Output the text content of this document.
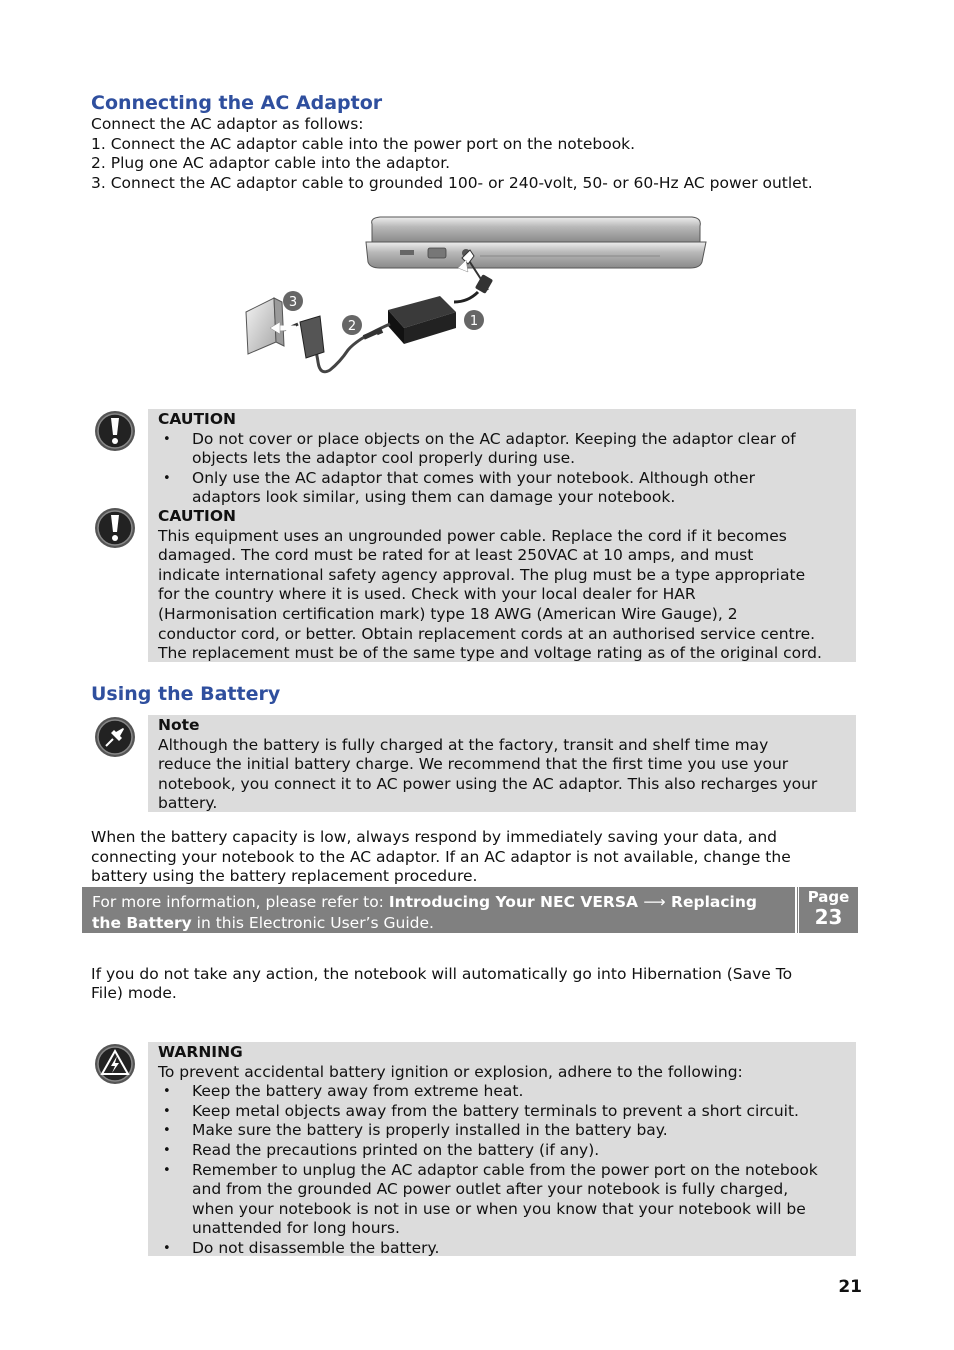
Connecting the AC Adaptor
Connect the AC adaptor as follows:
1. Connect the AC adaptor cable into the power port on the notebook.
2. Plug one AC adaptor cable into the adaptor.
3. Connect the AC adaptor cable to grounded 100- or 240-volt, 50- or 60-Hz AC power outlet.
3
2	1
CAUTION
• Do not cover or place objects on the AC adaptor. Keeping the adaptor clear of
objects lets the adaptor cool properly during use.
• Only use the AC adaptor that comes with your notebook. Although other
adaptors look similar, using them can damage your notebook.
CAUTION
This equipment uses an ungrounded power cable. Replace the cord if it becomes
damaged. The cord must be rated for at least 250VAC at 10 amps, and must
indicate international safety agency approval. The plug must be a type appropriate
for the country where it is used. Check with your local dealer for HAR
(Harmonisation certification mark) type 18 AWG (American Wire Gauge), 2
conductor cord, or better. Obtain replacement cords at an authorised service centre.
The replacement must be of the same type and voltage rating as of the original cord.
Using the Battery
Note
Although the battery is fully charged at the factory, transit and shelf time may
reduce the initial battery charge. We recommend that the first time you use your
notebook, you connect it to AC power using the AC adaptor. This also recharges your
battery.
When the battery capacity is low, always respond by immediately saving your data, and
connecting your notebook to the AC adaptor. If an AC adaptor is not available, change the
battery using the battery replacement procedure.
For more information, please refer to: Introducing Your NEC VERSA ⟶ Replacing
the Battery in this Electronic User’s Guide.
Page
23
If you do not take any action, the notebook will automatically go into Hibernation (Save To
File) mode.
WARNING
To prevent accidental battery ignition or explosion, adhere to the following:
• Keep the battery away from extreme heat.
• Keep metal objects away from the battery terminals to prevent a short circuit.
• Make sure the battery is properly installed in the battery bay.
• Read the precautions printed on the battery (if any).
• Remember to unplug the AC adaptor cable from the power port on the notebook
and from the grounded AC power outlet after your notebook is fully charged,
when your notebook is not in use or when you know that your notebook will be
unattended for long hours.
• Do not disassemble the battery.
21
